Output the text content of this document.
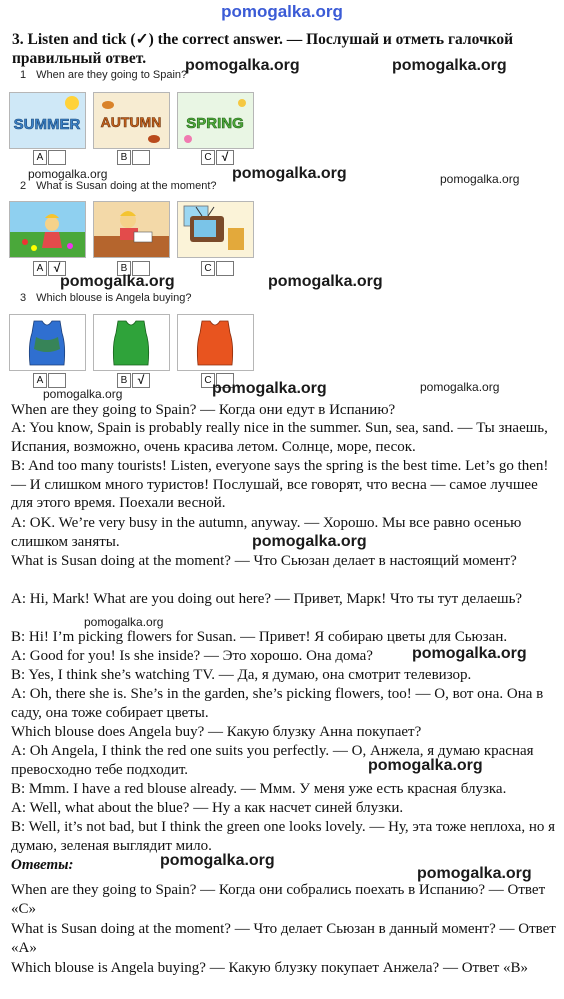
pomogalka.org
3. Listen and tick (✓) the correct answer. — Послушай и отметь галочкой правильный ответ.
1 When are they going to Spain?
SUMMER AUTUMN SPRING
A	B	C √
2 What is Susan doing at the moment?
A √	B	C
3 Which blouse is Angela buying?
A	B √	C
When are they going to Spain? — Когда они едут в Испанию?
A: You know, Spain is probably really nice in the summer. Sun, sea, sand. — Ты знаешь, Испания, возможно, очень красива летом. Солнце, море, песок.
B: And too many tourists! Listen, everyone says the spring is the best time. Let’s go then! — И слишком много туристов! Послушай, все говорят, что весна — самое лучшее для этого время. Поехали весной.
A: OK. We’re very busy in the autumn, anyway. — Хорошо. Мы все равно осенью слишком заняты.
What is Susan doing at the moment? — Что Сьюзан делает в настоящий момент?
A: Hi, Mark! What are you doing out here? — Привет, Марк! Что ты тут делаешь?
B: Hi! I’m picking flowers for Susan. — Привет! Я собираю цветы для Сьюзан.
A: Good for you! Is she inside? — Это хорошо. Она дома?
B: Yes, I think she’s watching TV. — Да, я думаю, она смотрит телевизор.
A: Oh, there she is. She’s in the garden, she’s picking flowers, too! — О, вот она. Она в саду, она тоже собирает цветы.
Which blouse does Angela buy? — Какую блузку Анна покупает?
A: Oh Angela, I think the red one suits you perfectly. — О, Анжела, я думаю красная превосходно тебе подходит.
B: Mmm. I have a red blouse already. — Ммм. У меня уже есть красная блузка.
A: Well, what about the blue? — Ну а как насчет синей блузки.
B: Well, it’s not bad, but I think the green one looks lovely. — Ну, эта тоже неплоха, но я думаю, зеленая выглядит мило.
Ответы:
When are they going to Spain? — Когда они собрались поехать в Испанию? — Ответ «C»
What is Susan doing at the moment? — Что делает Сьюзан в данный момент? — Ответ «A»
Which blouse is Angela buying? — Какую блузку покупает Анжела? — Ответ «B»
pomogalka.org	pomogalka.org
pomogalka.org	pomogalka.org	pomogalka.org
pomogalka.org	pomogalka.org
pomogalka.org	pomogalka.org	pomogalka.org
pomogalka.org
pomogalka.org
pomogalka.org
pomogalka.org
pomogalka.org
pomogalka.org
